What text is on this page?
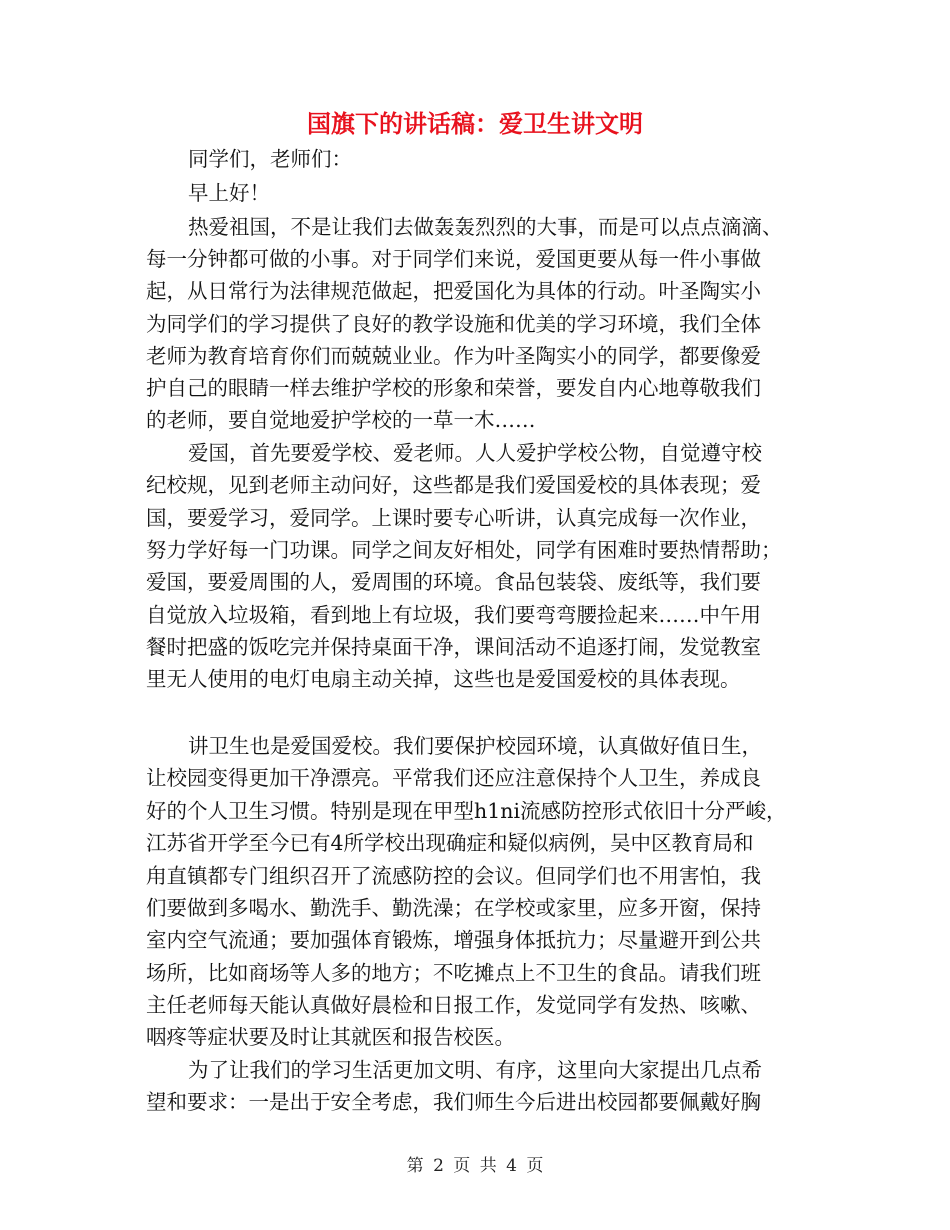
国旗下的讲话稿：爱卫生讲文明
同学们，老师们：
早上好！
热爱祖国，不是让我们去做轰轰烈烈的大事，而是可以点点滴滴、
每一分钟都可做的小事。对于同学们来说，爱国更要从每一件小事做
起，从日常行为法律规范做起，把爱国化为具体的行动。叶圣陶实小
为同学们的学习提供了良好的教学设施和优美的学习环境，我们全体
老师为教育培育你们而兢兢业业。作为叶圣陶实小的同学，都要像爱
护自己的眼睛一样去维护学校的形象和荣誉，要发自内心地尊敬我们
的老师，要自觉地爱护学校的一草一木……
爱国，首先要爱学校、爱老师。人人爱护学校公物，自觉遵守校
纪校规，见到老师主动问好，这些都是我们爱国爱校的具体表现；爱
国，要爱学习，爱同学。上课时要专心听讲，认真完成每一次作业，
努力学好每一门功课。同学之间友好相处，同学有困难时要热情帮助；
爱国，要爱周围的人，爱周围的环境。食品包装袋、废纸等，我们要
自觉放入垃圾箱，看到地上有垃圾，我们要弯弯腰捡起来……中午用
餐时把盛的饭吃完并保持桌面干净，课间活动不追逐打闹，发觉教室
里无人使用的电灯电扇主动关掉，这些也是爱国爱校的具体表现。
讲卫生也是爱国爱校。我们要保护校园环境，认真做好值日生，
让校园变得更加干净漂亮。平常我们还应注意保持个人卫生，养成良
好的个人卫生习惯。特别是现在甲型h1ni流感防控形式依旧十分严峻，
江苏省开学至今已有4所学校出现确症和疑似病例，吴中区教育局和
甪直镇都专门组织召开了流感防控的会议。但同学们也不用害怕，我
们要做到多喝水、勤洗手、勤洗澡；在学校或家里，应多开窗，保持
室内空气流通；要加强体育锻炼，增强身体抵抗力；尽量避开到公共
场所，比如商场等人多的地方；不吃摊点上不卫生的食品。请我们班
主任老师每天能认真做好晨检和日报工作，发觉同学有发热、咳嗽、
咽疼等症状要及时让其就医和报告校医。
为了让我们的学习生活更加文明、有序，这里向大家提出几点希
望和要求：一是出于安全考虑，我们师生今后进出校园都要佩戴好胸
第 2 页 共 4 页
